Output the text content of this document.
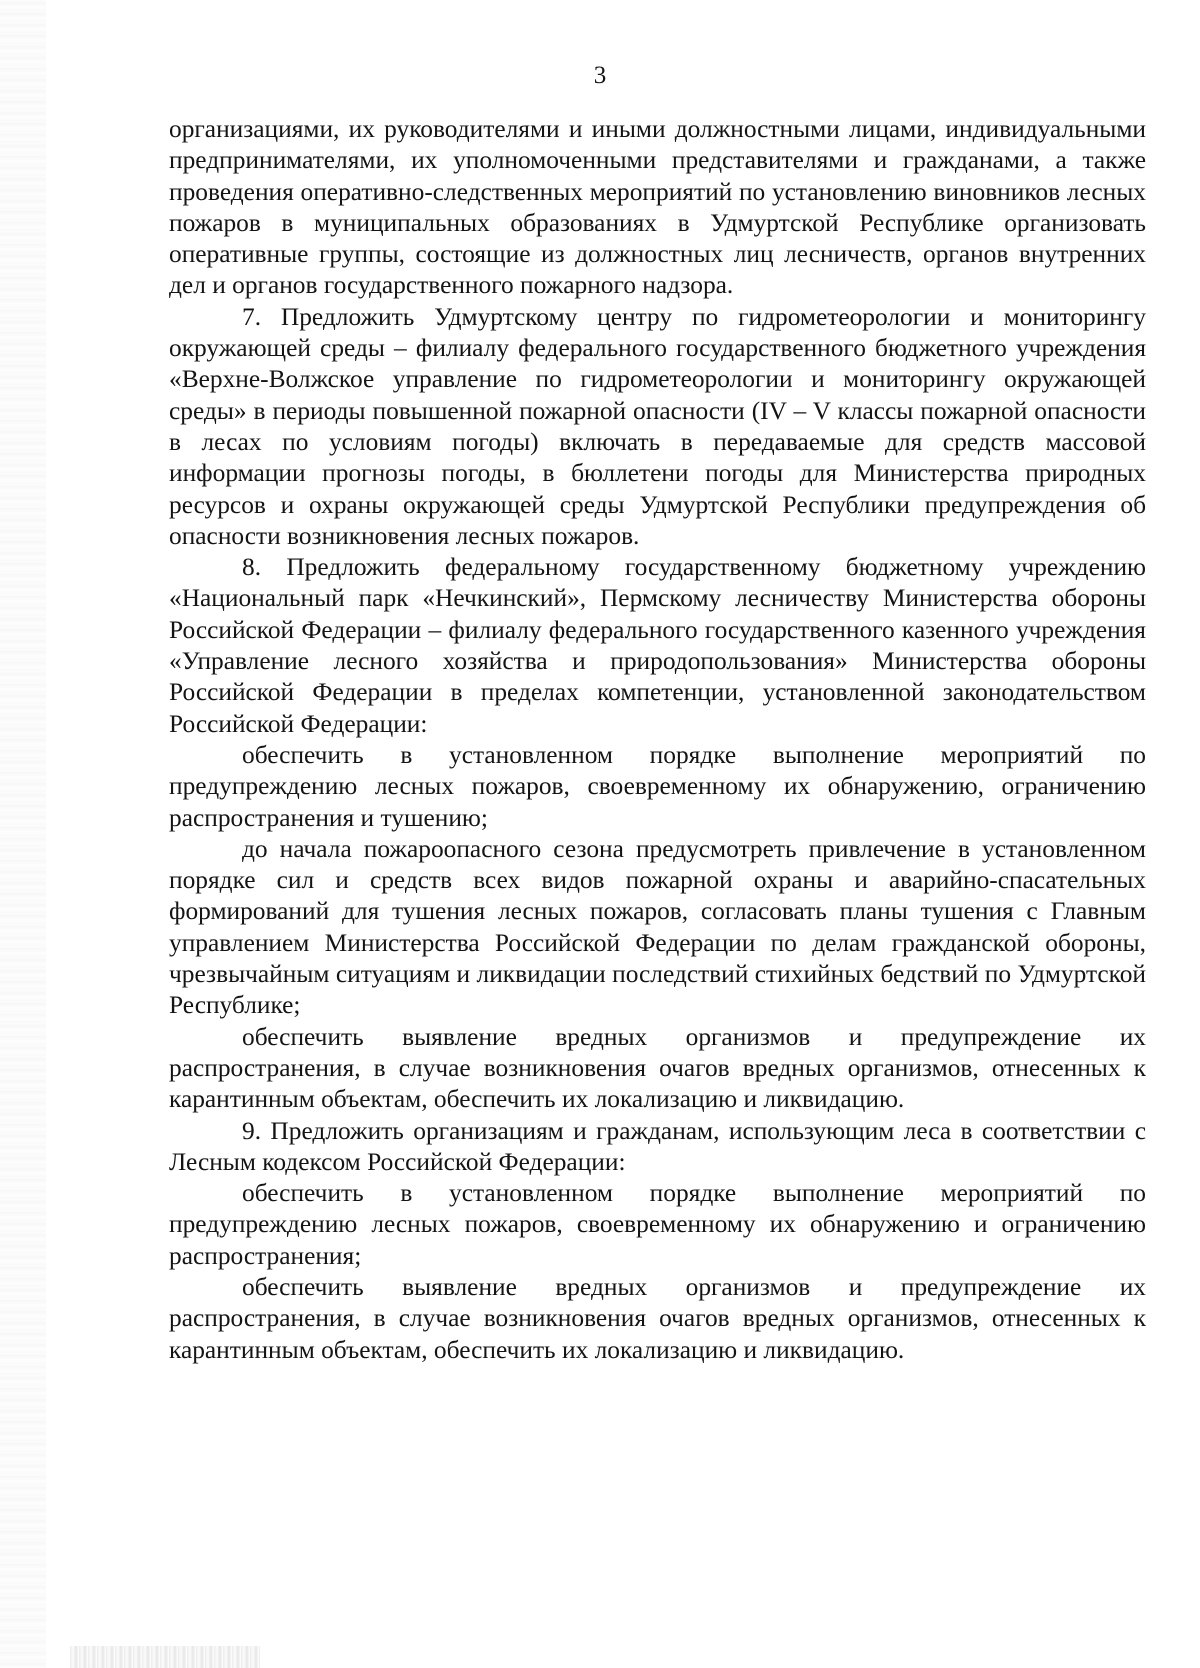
3

организациями, их руководителями и иными должностными лицами, индивидуальными предпринимателями, их уполномоченными представителями и гражданами, а также проведения оперативно-следственных мероприятий по установлению виновников лесных пожаров в муниципальных образованиях в Удмуртской Республике организовать оперативные группы, состоящие из должностных лиц лесничеств, органов внутренних дел и органов государственного пожарного надзора.

7. Предложить Удмуртскому центру по гидрометеорологии и мониторингу окружающей среды – филиалу федерального государственного бюджетного учреждения «Верхне-Волжское управление по гидрометеорологии и мониторингу окружающей среды» в периоды повышенной пожарной опасности (IV – V классы пожарной опасности в лесах по условиям погоды) включать в передаваемые для средств массовой информации прогнозы погоды, в бюллетени погоды для Министерства природных ресурсов и охраны окружающей среды Удмуртской Республики предупреждения об опасности возникновения лесных пожаров.

8. Предложить федеральному государственному бюджетному учреждению «Национальный парк «Нечкинский», Пермскому лесничеству Министерства обороны Российской Федерации – филиалу федерального государственного казенного учреждения «Управление лесного хозяйства и природопользования» Министерства обороны Российской Федерации в пределах компетенции, установленной законодательством Российской Федерации:

обеспечить в установленном порядке выполнение мероприятий по предупреждению лесных пожаров, своевременному их обнаружению, ограничению распространения и тушению;

до начала пожароопасного сезона предусмотреть привлечение в установленном порядке сил и средств всех видов пожарной охраны и аварийно-спасательных формирований для тушения лесных пожаров, согласовать планы тушения с Главным управлением Министерства Российской Федерации по делам гражданской обороны, чрезвычайным ситуациям и ликвидации последствий стихийных бедствий по Удмуртской Республике;

обеспечить выявление вредных организмов и предупреждение их распространения, в случае возникновения очагов вредных организмов, отнесенных к карантинным объектам, обеспечить их локализацию и ликвидацию.

9. Предложить организациям и гражданам, использующим леса в соответствии с Лесным кодексом Российской Федерации:

обеспечить в установленном порядке выполнение мероприятий по предупреждению лесных пожаров, своевременному их обнаружению и ограничению распространения;

обеспечить выявление вредных организмов и предупреждение их распространения, в случае возникновения очагов вредных организмов, отнесенных к карантинным объектам, обеспечить их локализацию и ликвидацию.
